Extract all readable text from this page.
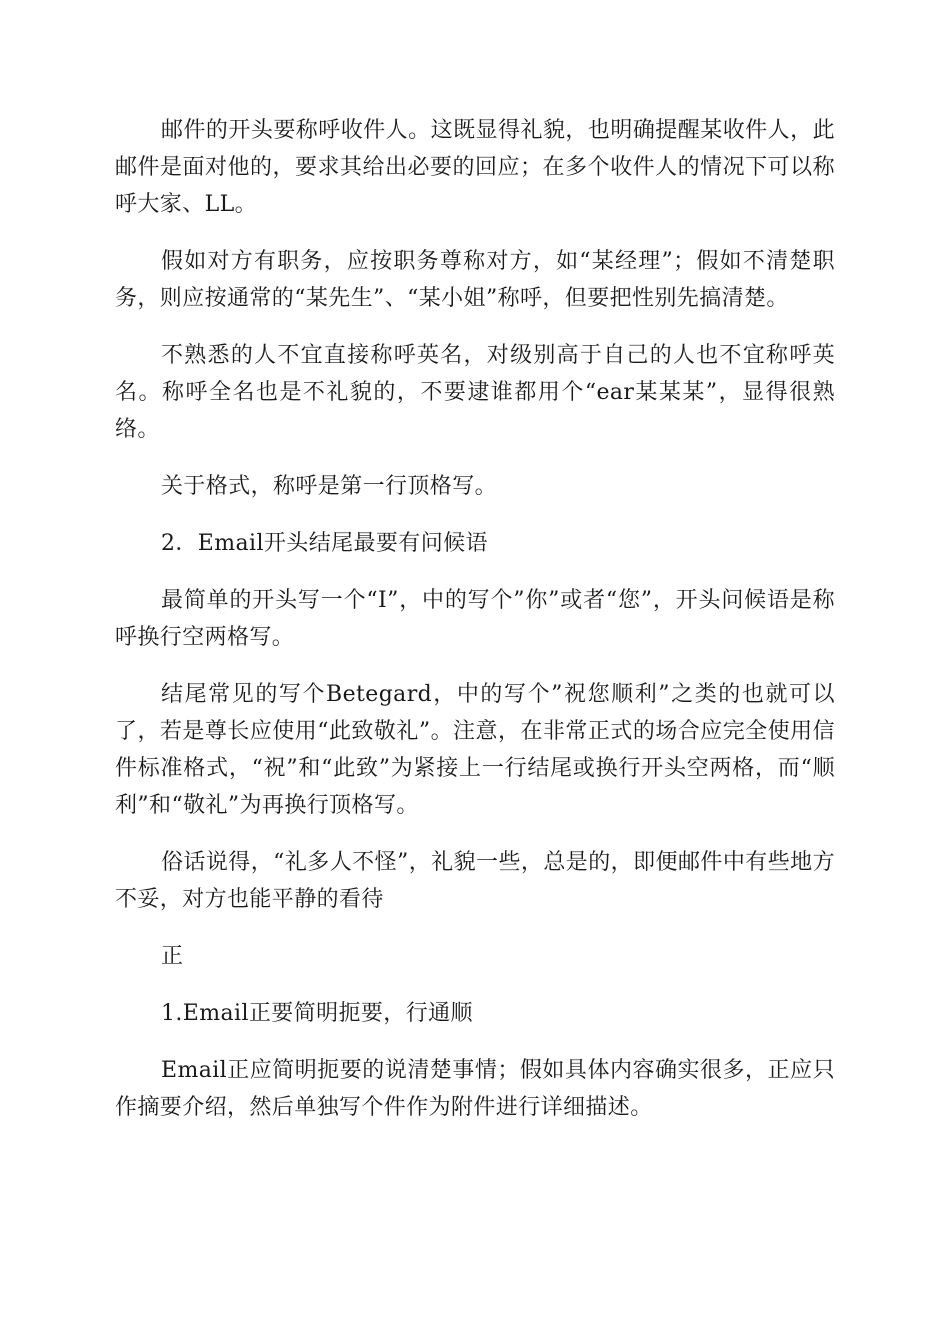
邮件的开头要称呼收件人。这既显得礼貌，也明确提醒某收件人，此邮件是面对他的，要求其给出必要的回应；在多个收件人的情况下可以称呼大家、LL。

假如对方有职务，应按职务尊称对方，如“某经理”；假如不清楚职务，则应按通常的“某先生”、“某小姐”称呼，但要把性别先搞清楚。

不熟悉的人不宜直接称呼英名，对级别高于自己的人也不宜称呼英名。称呼全名也是不礼貌的，不要逮谁都用个“ear某某某”，显得很熟络。

关于格式，称呼是第一行顶格写。

2．Email开头结尾最要有问候语

最简单的开头写一个“I”，中的写个”你”或者“您”，开头问候语是称呼换行空两格写。

结尾常见的写个Betegard，中的写个”祝您顺利”之类的也就可以了，若是尊长应使用“此致敬礼”。注意，在非常正式的场合应完全使用信件标准格式，“祝”和“此致”为紧接上一行结尾或换行开头空两格，而“顺利”和“敬礼”为再换行顶格写。

俗话说得，“礼多人不怪”，礼貌一些，总是的，即便邮件中有些地方不妥，对方也能平静的看待

正

1.Email正要简明扼要，行通顺

Email正应简明扼要的说清楚事情；假如具体内容确实很多，正应只作摘要介绍，然后单独写个件作为附件进行详细描述。
